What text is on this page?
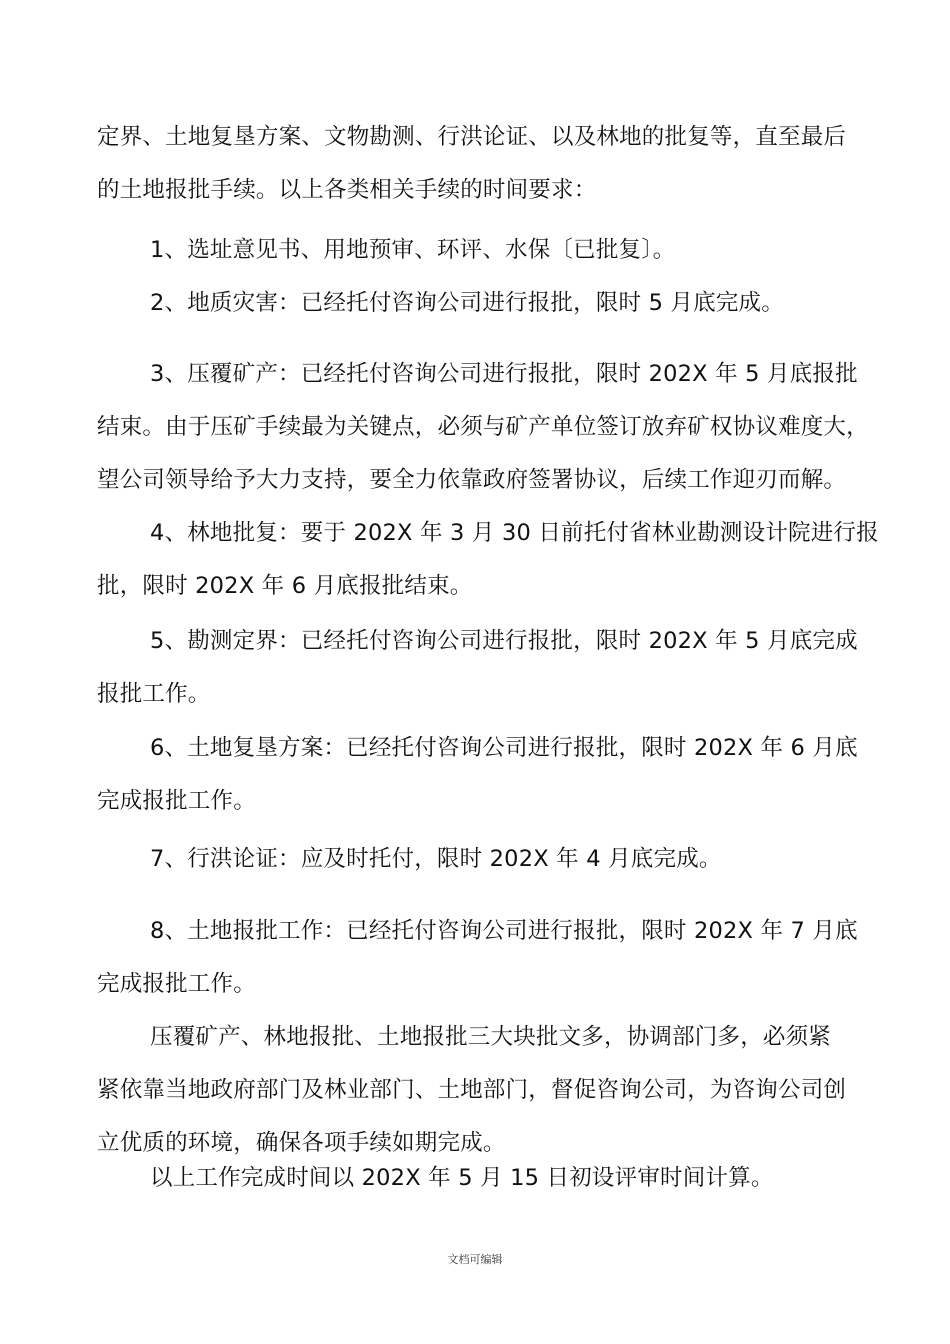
定界、土地复垦方案、文物勘测、行洪论证、以及林地的批复等，直至最后
的土地报批手续。以上各类相关手续的时间要求：
1、选址意见书、用地预审、环评、水保〔已批复〕。
2、地质灾害：已经托付咨询公司进行报批，限时 5 月底完成。
3、压覆矿产：已经托付咨询公司进行报批，限时 202X 年 5 月底报批
结束。由于压矿手续最为关键点，必须与矿产单位签订放弃矿权协议难度大，
望公司领导给予大力支持，要全力依靠政府签署协议，后续工作迎刃而解。
4、林地批复：要于 202X 年 3 月 30 日前托付省林业勘测设计院进行报
批，限时 202X 年 6 月底报批结束。
5、勘测定界：已经托付咨询公司进行报批，限时 202X 年 5 月底完成
报批工作。
6、土地复垦方案：已经托付咨询公司进行报批，限时 202X 年 6 月底
完成报批工作。
7、行洪论证：应及时托付，限时 202X 年 4 月底完成。
8、土地报批工作：已经托付咨询公司进行报批，限时 202X 年 7 月底
完成报批工作。
压覆矿产、林地报批、土地报批三大块批文多，协调部门多，必须紧
紧依靠当地政府部门及林业部门、土地部门，督促咨询公司，为咨询公司创
立优质的环境，确保各项手续如期完成。
以上工作完成时间以 202X 年 5 月 15 日初设评审时间计算。
文档可编辑
